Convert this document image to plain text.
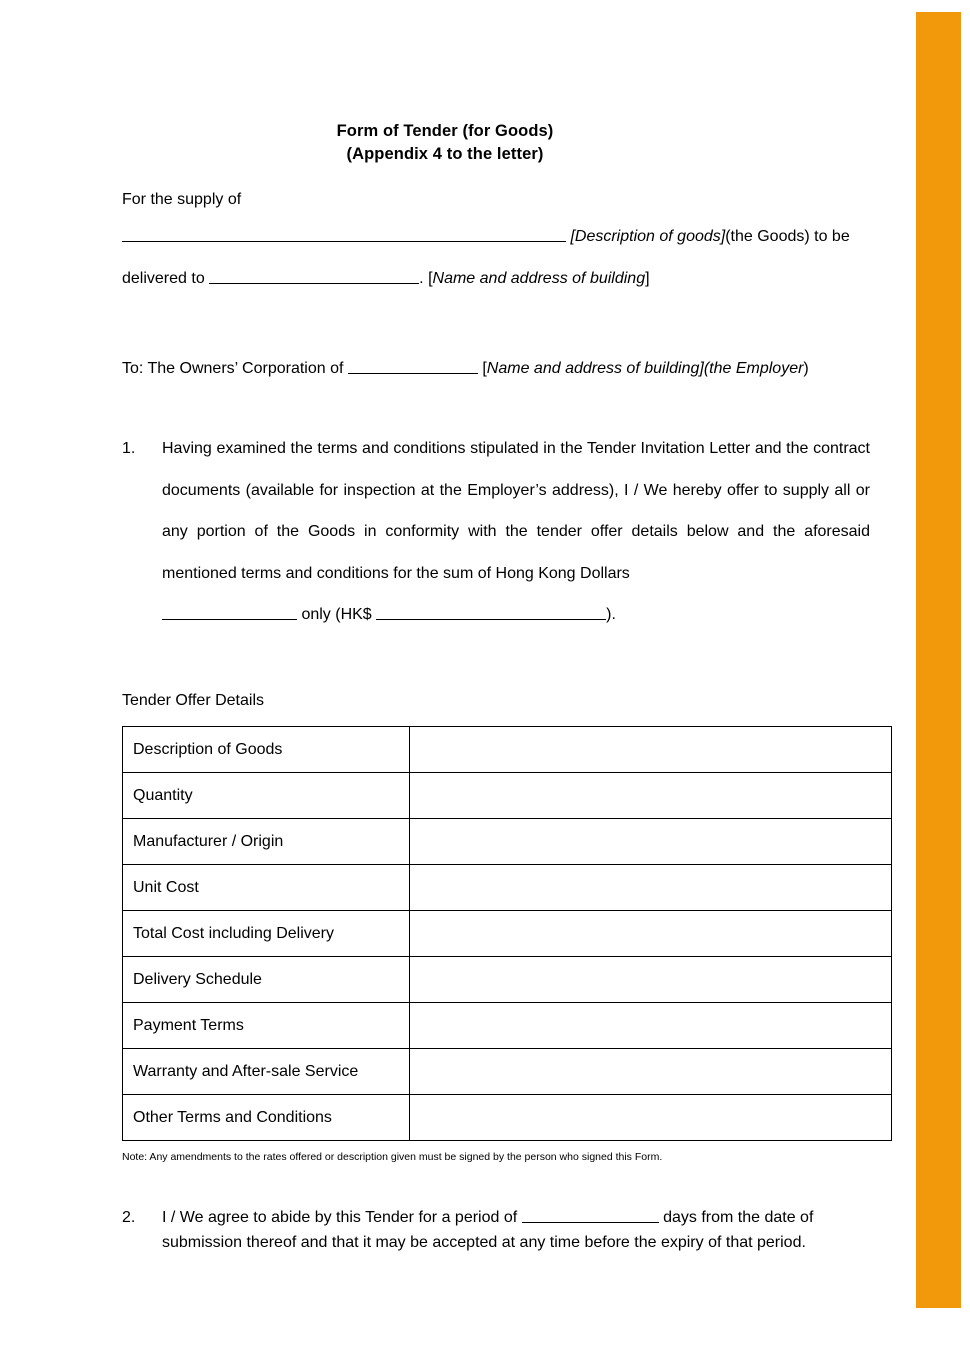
Form of Tender (for Goods)
(Appendix 4 to the letter)
For the supply of
[Description of goods](the Goods) to be
delivered to	. [Name and address of building]
To: The Owners’ Corporation of	[Name and address of building](the Employer)
1.	Having examined the terms and conditions stipulated in the Tender Invitation Letter and the contract documents (available for inspection at the Employer’s address), I / We hereby offer to supply all or any portion of the Goods in conformity with the tender offer details below and the aforesaid mentioned terms and conditions for the sum of Hong Kong Dollars
only (HK$	).
Tender Offer Details
Description of Goods	
Quantity	
Manufacturer / Origin	
Unit Cost	
Total Cost including Delivery	
Delivery Schedule	
Payment Terms	
Warranty and After-sale Service	
Other Terms and Conditions	
Note: Any amendments to the rates offered or description given must be signed by the person who signed this Form.
2.	I / We agree to abide by this Tender for a period of	days from the date of
submission thereof and that it may be accepted at any time before the expiry of that period.
